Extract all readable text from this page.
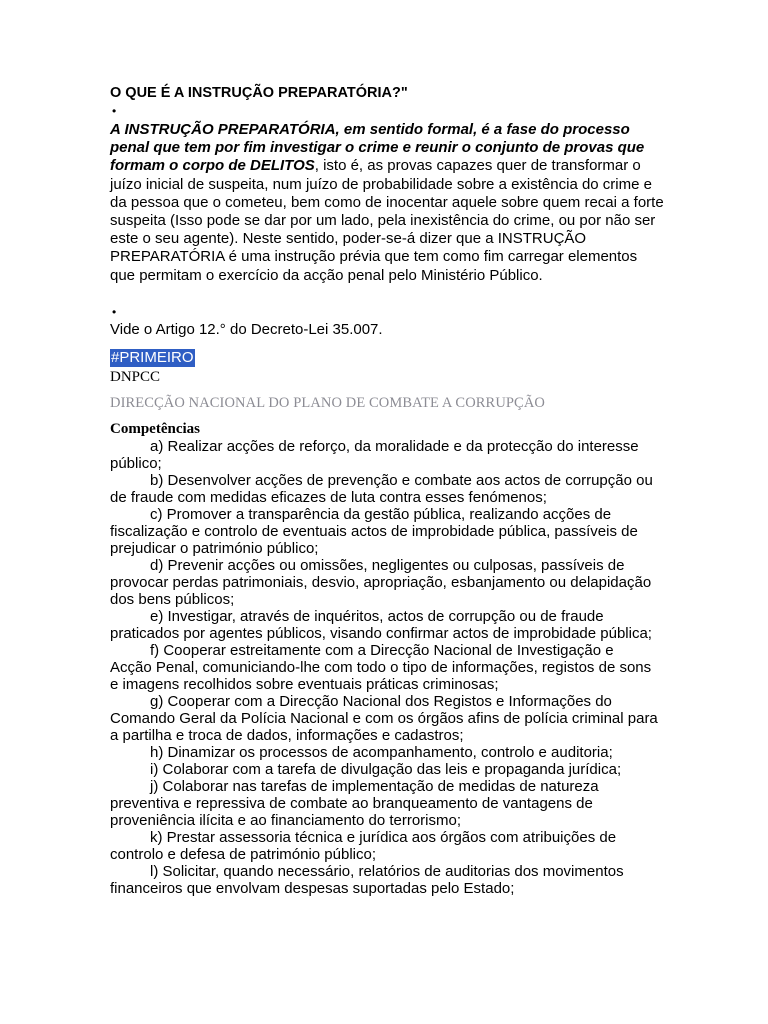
O QUE É A INSTRUÇÃO PREPARATÓRIA?"
•
A INSTRUÇÃO PREPARATÓRIA, em sentido formal, é a fase do processo penal que tem por fim investigar o crime e reunir o conjunto de provas que formam o corpo de DELITOS, isto é, as provas capazes quer de transformar o juízo inicial de suspeita, num juízo de probabilidade sobre a existência do crime e da pessoa que o cometeu, bem como de inocentar aquele sobre quem recai a forte suspeita (Isso pode se dar por um lado, pela inexistência do crime, ou por não ser este o seu agente). Neste sentido, poder-se-á dizer que a INSTRUÇÃO PREPARATÓRIA é uma instrução prévia que tem como fim carregar elementos que permitam o exercício da acção penal pelo Ministério Público.
•
Vide o Artigo 12.° do Decreto-Lei 35.007.
#PRIMEIRO
DNPCC
DIRECÇÃO NACIONAL DO PLANO DE COMBATE A CORRUPÇÃO
Competências

a) Realizar acções de reforço, da moralidade e da protecção do interesse público;

b) Desenvolver acções de prevenção e combate aos actos de corrupção ou de fraude com medidas eficazes de luta contra esses fenómenos;

c) Promover a transparência da gestão pública, realizando acções de fiscalização e controlo de eventuais actos de improbidade pública, passíveis de prejudicar o património público;

d) Prevenir acções ou omissões, negligentes ou culposas, passíveis de provocar perdas patrimoniais, desvio, apropriação, esbanjamento ou delapidação dos bens públicos;

e) Investigar, através de inquéritos, actos de corrupção ou de fraude praticados por agentes públicos, visando confirmar actos de improbidade pública;

f) Cooperar estreitamente com a Direcção Nacional de Investigação e Acção Penal, comuniciando-lhe com todo o tipo de informações, registos de sons e imagens recolhidos sobre eventuais práticas criminosas;

g) Cooperar com a Direcção Nacional dos Registos e Informações do Comando Geral da Polícia Nacional e com os órgãos afins de polícia criminal para a partilha e troca de dados, informações e cadastros;

h) Dinamizar os processos de acompanhamento, controlo e auditoria;

i) Colaborar com a tarefa de divulgação das leis e propaganda jurídica;

j) Colaborar nas tarefas de implementação de medidas de natureza preventiva e repressiva de combate ao branqueamento de vantagens de proveniência ilícita e ao financiamento do terrorismo;

k) Prestar assessoria técnica e jurídica aos órgãos com atribuições de controlo e defesa de património público;

l) Solicitar, quando necessário, relatórios de auditorias dos movimentos financeiros que envolvam despesas suportadas pelo Estado;
